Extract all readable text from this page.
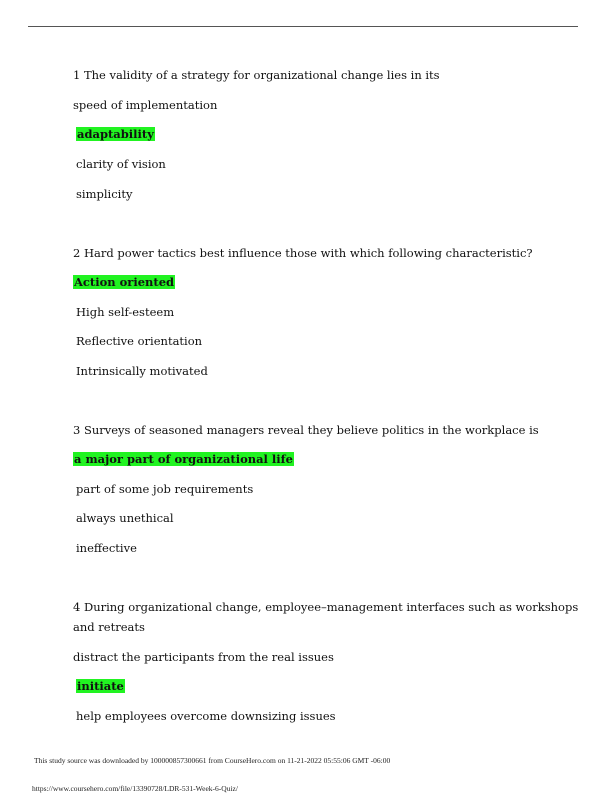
1 The validity of a strategy for organizational change lies in its
speed of implementation
adaptability
clarity of vision
simplicity
2 Hard power tactics best influence those with which following characteristic?
Action oriented
High self-esteem
Reflective orientation
Intrinsically motivated
3 Surveys of seasoned managers reveal they believe politics in the workplace is
a major part of organizational life
part of some job requirements
always unethical
ineffective
4 During organizational change, employee–management interfaces such as workshops
and retreats
distract the participants from the real issues
initiate
help employees overcome downsizing issues
This study source was downloaded by 100000857300661 from CourseHero.com on 11-21-2022 05:55:06 GMT -06:00
https://www.coursehero.com/file/13390728/LDR-531-Week-6-Quiz/
